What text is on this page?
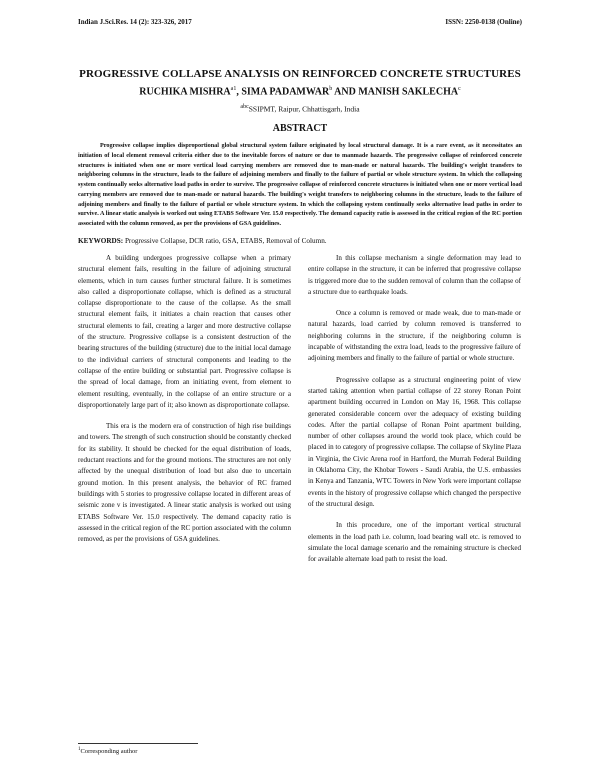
Indian J.Sci.Res. 14 (2): 323-326, 2017	ISSN: 2250-0138 (Online)
PROGRESSIVE COLLAPSE ANALYSIS ON REINFORCED CONCRETE STRUCTURES
RUCHIKA $MISHRA^{a1}$, SIMA PADAMWAR$^b$ AND MANISH SAKLECHA$^c$
$^{abc}$SSIPMT, Raipur, Chhattisgarh, India
ABSTRACT

Progressive collapse implies disproportional global structural system failure originated by local structural damage. It is a rare event, as it necessitates an initiation of local element removal criteria either due to the inevitable forces of nature or due to manmade hazards. The progressive collapse of reinforced concrete structures is initiated when one or more vertical load carrying members are removed due to man-made or natural hazards. The building's weight transfers to neighboring columns in the structure, leads to the failure of adjoining members and finally to the failure of partial or whole structure system. In which the collapsing system continually seeks alternative load paths in order to survive. The progressive collapse of reinforced concrete structures is initiated when one or more vertical load carrying members are removed due to man-made or natural hazards. The building's weight transfers to neighboring columns in the structure, leads to the failure of adjoining members and finally to the failure of partial or whole structure system. In which the collapsing system continually seeks alternative load paths in order to survive. A linear static analysis is worked out using ETABS Software Ver. 15.0 respectively. The demand capacity ratio is assessed in the critical region of the RC portion associated with the column removed, as per the provisions of GSA guidelines.

KEYWORDS: Progressive Collapse, DCR ratio, GSA, ETABS, Removal of Column.

A building undergoes progressive collapse when a primary structural element fails, resulting in the failure of adjoining structural elements, which in turn causes further structural failure. It is sometimes also called a disproportionate collapse, which is defined as a structural collapse disproportionate to the cause of the collapse. As the small structural element fails, it initiates a chain reaction that causes other structural elements to fail, creating a larger and more destructive collapse of the structure. Progressive collapse is a consistent destruction of the bearing structures of the building (structure) due to the initial local damage to the individual carriers of structural components and leading to the collapse of the entire building or substantial part. Progressive collapse is the spread of local damage, from an initiating event, from element to element resulting, eventually, in the collapse of an entire structure or a disproportionately large part of it; also known as disproportionate collapse.

This era is the modern era of construction of high rise buildings and towers. The strength of such construction should be constantly checked for its stability. It should be checked for the equal distribution of loads, reductant reactions and for the ground motions. The structures are not only affected by the unequal distribution of load but also due to uncertain ground motion. In this present analysis, the behavior of RC framed buildings with 5 stories to progressive collapse located in different areas of seismic zone v is investigated. A linear static analysis is worked out using ETABS Software Ver. 15.0 respectively. The demand capacity ratio is assessed in the critical region of the RC portion associated with the column removed, as per the provisions of GSA guidelines.

In this collapse mechanism a single deformation may lead to entire collapse in the structure, it can be inferred that progressive collapse is triggered more due to the sudden removal of column than the collapse of a structure due to earthquake loads.

Once a column is removed or made weak, due to man-made or natural hazards, load carried by column removed is transferred to neighboring columns in the structure, if the neighboring column is incapable of withstanding the extra load, leads to the progressive failure of adjoining members and finally to the failure of partial or whole structure.

Progressive collapse as a structural engineering point of view started taking attention when partial collapse of 22 storey Ronan Point apartment building occurred in London on May 16, 1968. This collapse generated considerable concern over the adequacy of existing building codes. After the partial collapse of Ronan Point apartment building, number of other collapses around the world took place, which could be placed in to category of progressive collapse. The collapse of Skyline Plaza in Virginia, the Civic Arena roof in Hartford, the Murrah Federal Building in Oklahoma City, the Khobar Towers - Saudi Arabia, the U.S. embassies in Kenya and Tanzania, WTC Towers in New York were important collapse events in the history of progressive collapse which changed the perspective of the structural design.

In this procedure, one of the important vertical structural elements in the load path i.e. column, load bearing wall etc. is removed to simulate the local damage scenario and the remaining structure is checked for available alternate load path to resist the load.

$^1$Corresponding author
